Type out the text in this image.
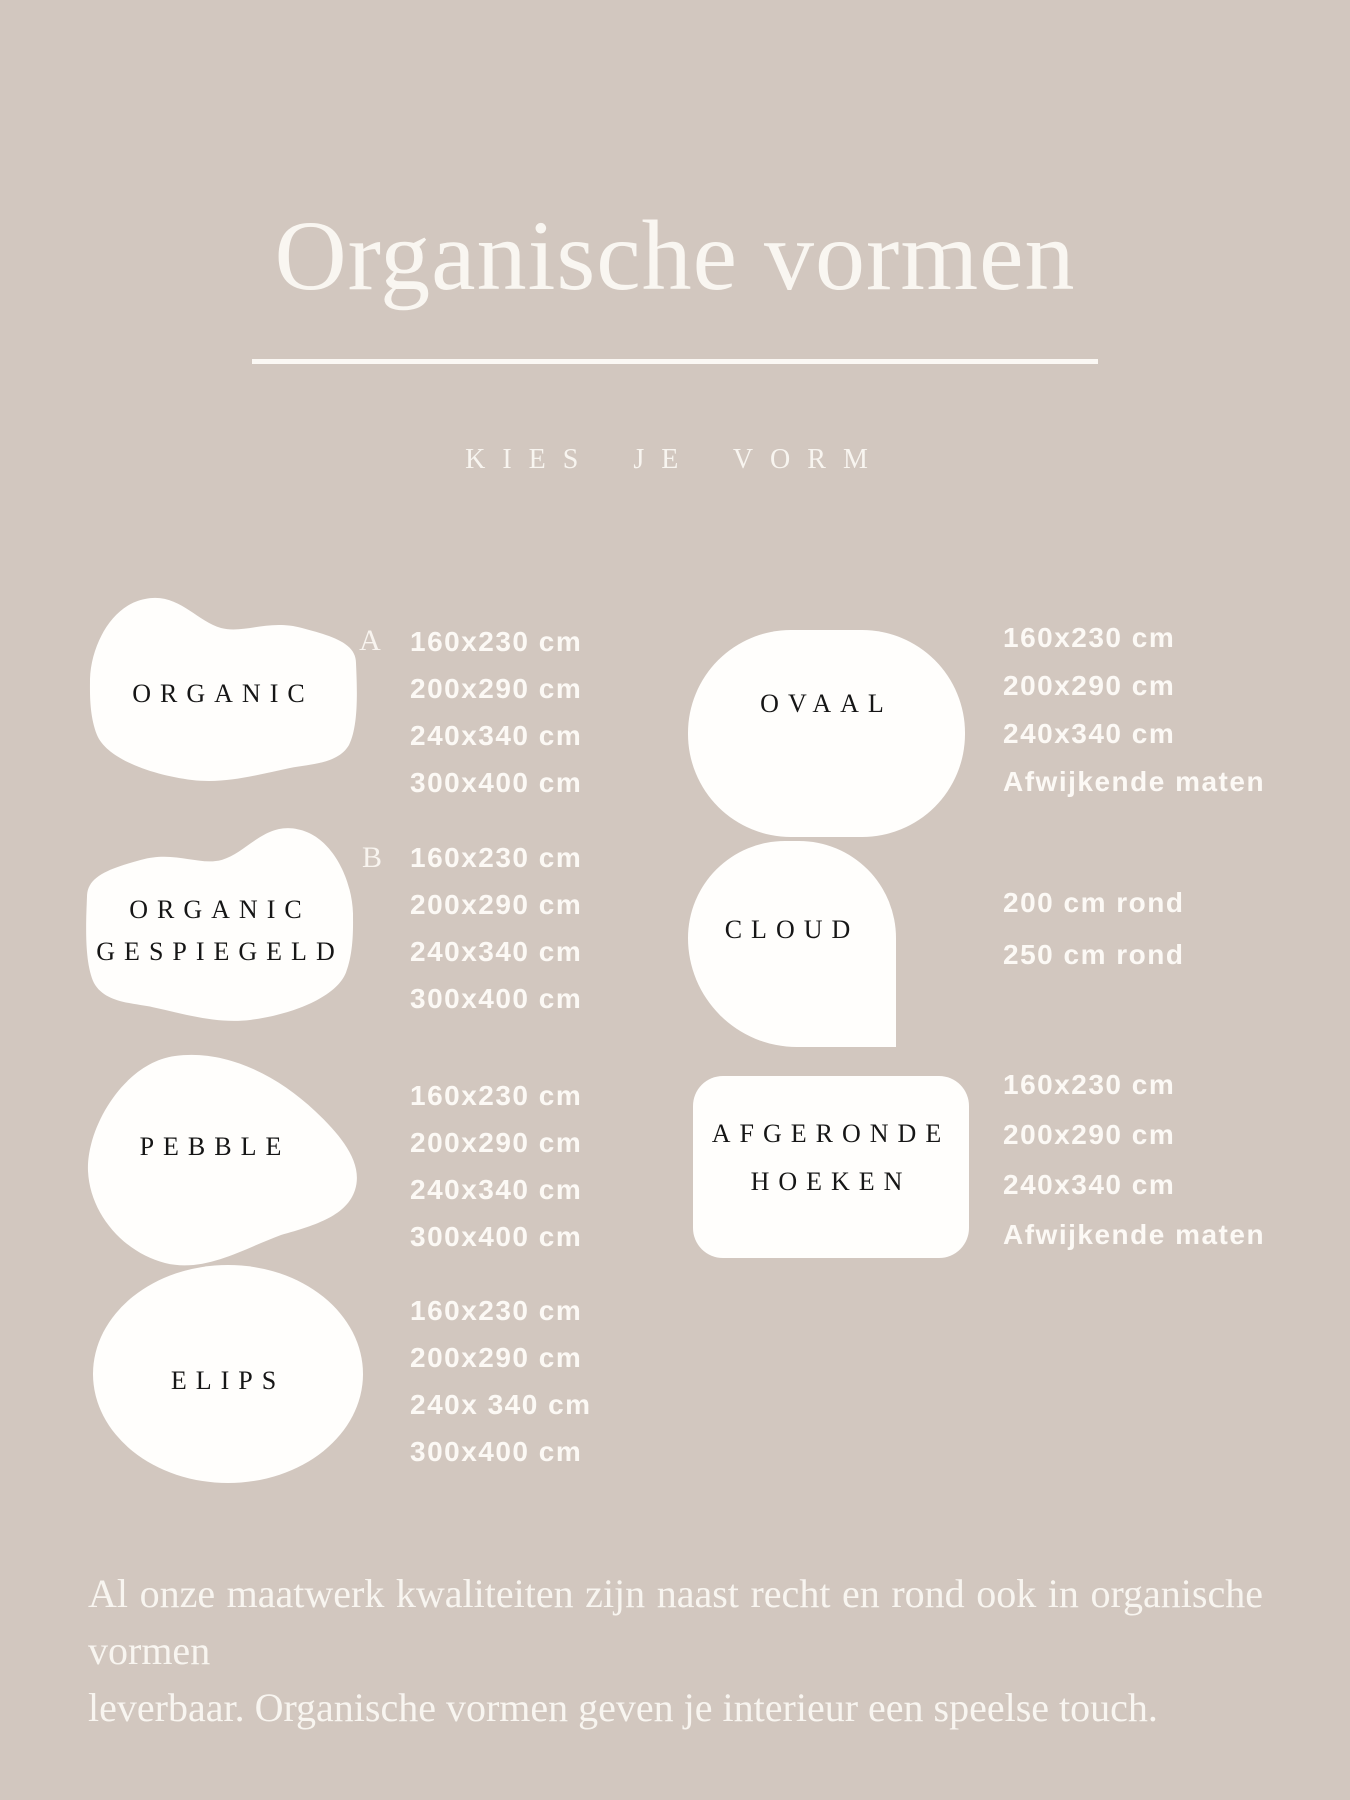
Organische vormen
KIES JE VORM
ORGANIC
A 160x230 cm
200x290 cm
240x340 cm
300x400 cm
ORGANIC
GESPIEGELD
B 160x230 cm
200x290 cm
240x340 cm
300x400 cm
PEBBLE
160x230 cm
200x290 cm
240x340 cm
300x400 cm
ELIPS
160x230 cm
200x290 cm
240x 340 cm
300x400 cm
OVAAL
160x230 cm
200x290 cm
240x340 cm
Afwijkende maten
CLOUD
200 cm rond
250 cm rond
AFGERONDE
HOEKEN
160x230 cm
200x290 cm
240x340 cm
Afwijkende maten
Al onze maatwerk kwaliteiten zijn naast recht en rond ook in organische vormen
leverbaar. Organische vormen geven je interieur een speelse touch.
